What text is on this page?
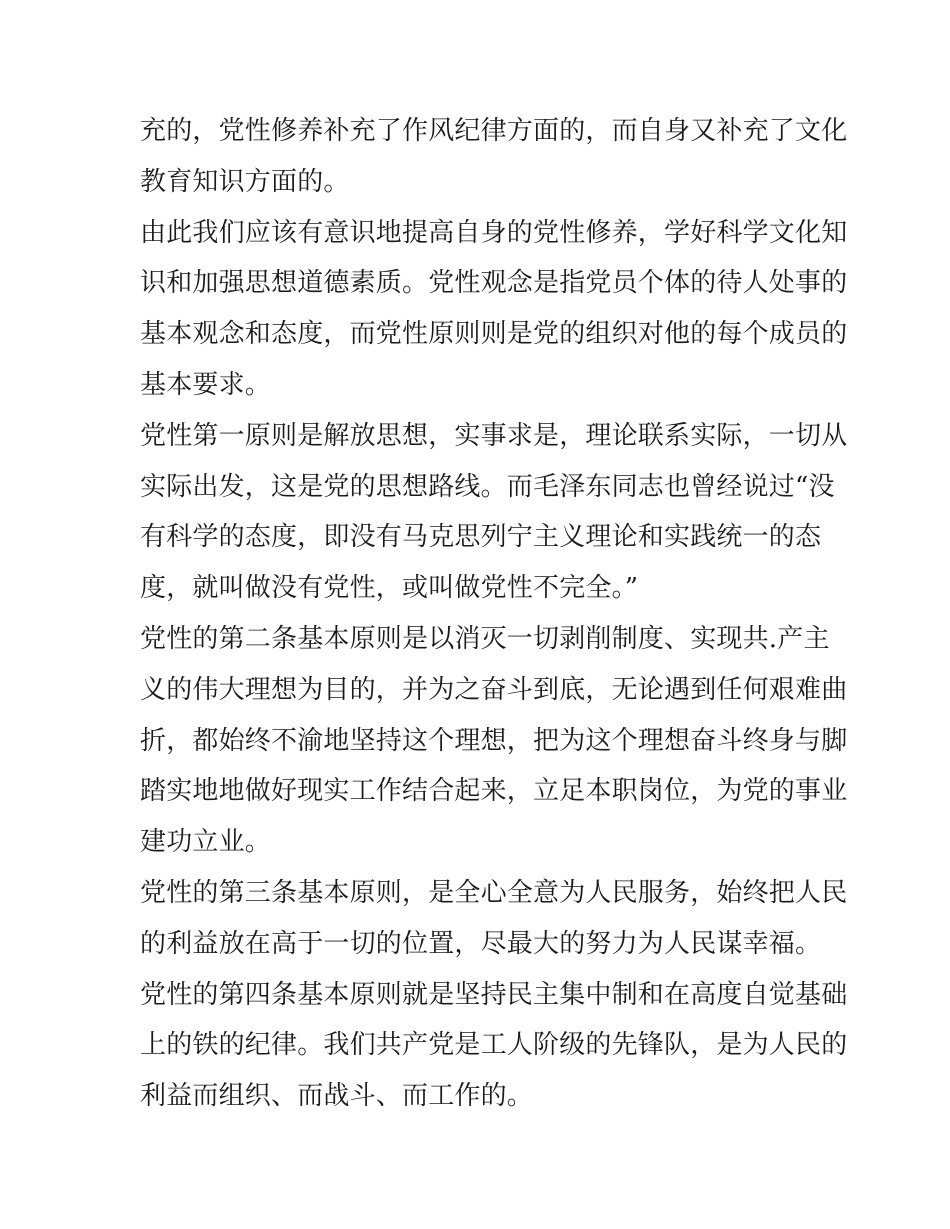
充的，党性修养补充了作风纪律方面的，而自身又补充了文化
教育知识方面的。
由此我们应该有意识地提高自身的党性修养，学好科学文化知
识和加强思想道德素质。党性观念是指党员个体的待人处事的
基本观念和态度，而党性原则则是党的组织对他的每个成员的
基本要求。
党性第一原则是解放思想，实事求是，理论联系实际，一切从
实际出发，这是党的思想路线。而毛泽东同志也曾经说过“没
有科学的态度，即没有马克思列宁主义理论和实践统一的态
度，就叫做没有党性，或叫做党性不完全。”
党性的第二条基本原则是以消灭一切剥削制度、实现共.产主
义的伟大理想为目的，并为之奋斗到底，无论遇到任何艰难曲
折，都始终不渝地坚持这个理想，把为这个理想奋斗终身与脚
踏实地地做好现实工作结合起来，立足本职岗位，为党的事业
建功立业。
党性的第三条基本原则，是全心全意为人民服务，始终把人民
的利益放在高于一切的位置，尽最大的努力为人民谋幸福。
党性的第四条基本原则就是坚持民主集中制和在高度自觉基础
上的铁的纪律。我们共产党是工人阶级的先锋队，是为人民的
利益而组织、而战斗、而工作的。
